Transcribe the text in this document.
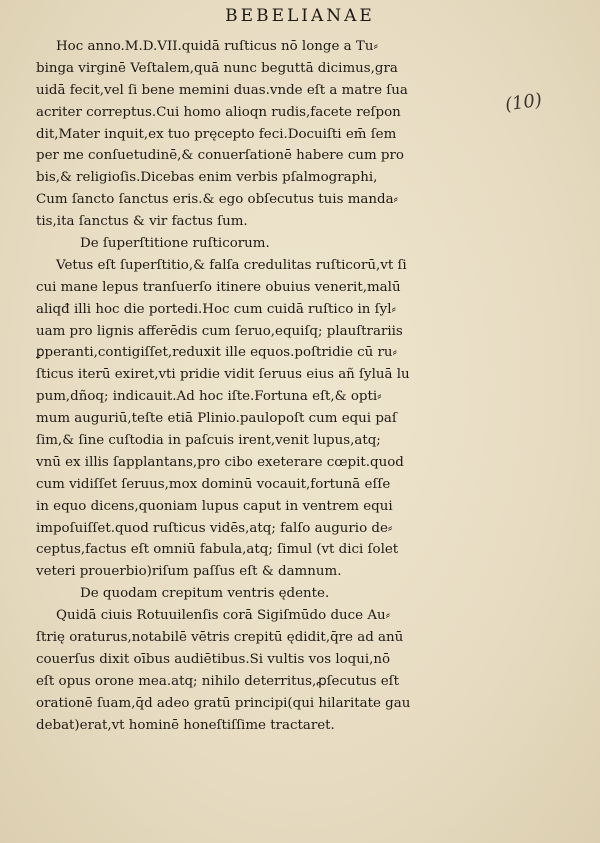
BEBELIANAE
(10)
Hoc anno.M.D.VII.quidā ruſticus nō longe a Tu⸗
binga virginē Veſtalem,quā nunc beguttā dicimus,gra
uidā fecit,vel ſi bene memini duas.vnde eſt a matre ſua
acriter correptus.Cui homo alioqn rudis,facete reſpon
dit,Mater inquit,ex tuo pręcepto feci.Docuiſti em̄ ſem
per me conſuetudinē,& conuerſationē habere cum pro
bis,& religioſis.Dicebas enim verbis pſalmographi,
Cum ſancto ſanctus eris.& ego obſecutus tuis manda⸗
tis,ita ſanctus & vir factus ſum.
De ſuperſtitione ruſticorum.
Vetus eſt ſuperſtitio,& falſa credulitas ruſticorū,vt ſi
cui mane lepus tranſuerſo itinere obuius venerit,malū
aliqđ illi hoc die portedi.Hoc cum cuidā ruſtico in ſyl⸗
uam pro lignis afferēdis cum ſeruo,equiſq; plauſtrariis
ꝑperanti,contigiſſet,reduxit ille equos.poſtridie cū ru⸗
ſticus iterū exiret,vti pridie vidit ſeruus eius añ ſyluā lu
pum,dñoq; indicauit.Ad hoc iſte.Fortuna eſt,& opti⸗
mum auguriū,teſte etiā Plinio.paulopoſt cum equi paſ
ſim,& ſine cuſtodia in paſcuis irent,venit lupus,atq;
vnū ex illis ſapplantans,pro cibo exeterare cœpit.quod
cum vidiſſet ſeruus,mox dominū vocauit,fortunā eſſe
in equo dicens,quoniam lupus caput in ventrem equi
impoſuiſſet.quod ruſticus vidēs,atq; falſo augurio de⸗
ceptus,factus eſt omniū fabula,atq; ſimul (vt dici ſolet
veteri prouerbio)riſum paſſus eſt & damnum.
De quodam crepitum ventris ędente.
Quidā ciuis Rotuuilenſis corā Sigiſmūdo duce Au⸗
ſtrię oraturus,notabilē vētris crepitū ędidit,q̄re ad anū
couerſus dixit oībus audiētibus.Si vultis vos loqui,nō
eſt opus orone mea.atq; nihilo deterritus,ꝓſecutus eſt
orationē ſuam,q̄d adeo gratū principi(qui hilaritate gau
debat)erat,vt hominē honeſtiſſime tractaret.
